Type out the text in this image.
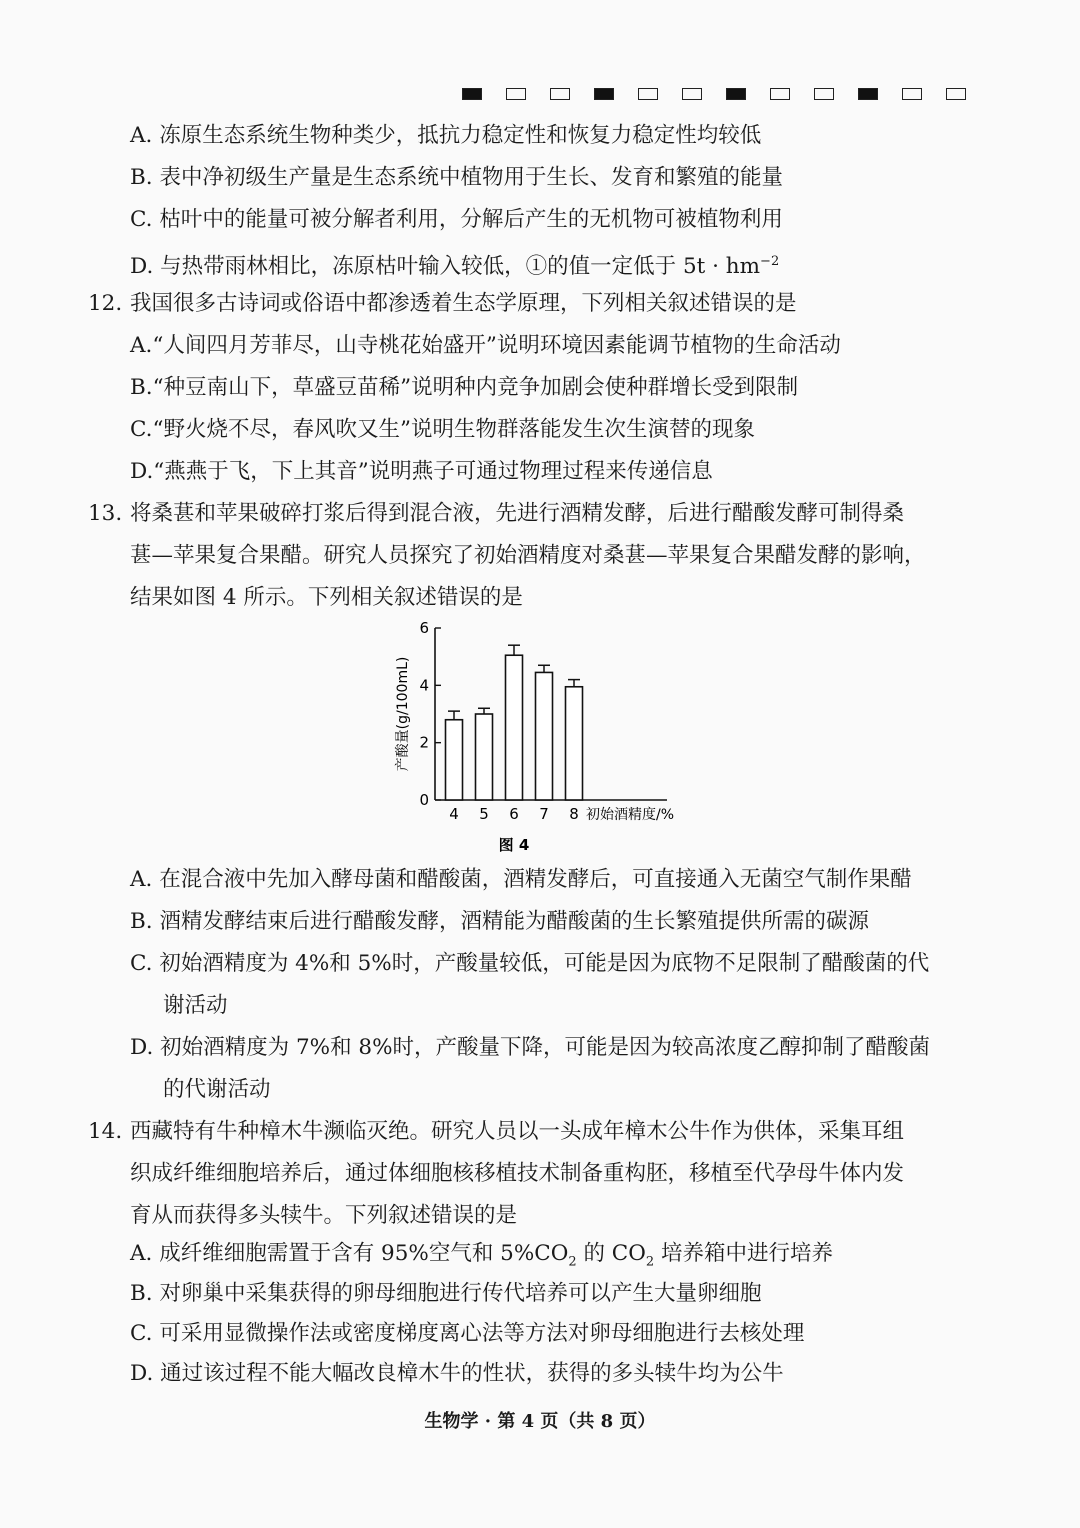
A. 冻原生态系统生物种类少，抵抗力稳定性和恢复力稳定性均较低
B. 表中净初级生产量是生态系统中植物用于生长、发育和繁殖的能量
C. 枯叶中的能量可被分解者利用，分解后产生的无机物可被植物利用
D. 与热带雨林相比，冻原枯叶输入较低，①的值一定低于 $5t \cdot hm^{-2}$
12. 我国很多古诗词或俗语中都渗透着生态学原理，下列相关叙述错误的是
A.“人间四月芳菲尽，山寺桃花始盛开”说明环境因素能调节植物的生命活动
B.“种豆南山下，草盛豆苗稀”说明种内竞争加剧会使种群增长受到限制
C.“野火烧不尽，春风吹又生”说明生物群落能发生次生演替的现象
D.“燕燕于飞，下上其音”说明燕子可通过物理过程来传递信息
13. 将桑葚和苹果破碎打浆后得到混合液，先进行酒精发酵，后进行醋酸发酵可制得桑
葚—苹果复合果醋。研究人员探究了初始酒精度对桑葚—苹果复合果醋发酵的影响，
结果如图 4 所示。下列相关叙述错误的是
0
2
4
6
4 5 6 7 8 初始酒精度/%
产酸量(g/100mL)
图 4
A. 在混合液中先加入酵母菌和醋酸菌，酒精发酵后，可直接通入无菌空气制作果醋
B. 酒精发酵结束后进行醋酸发酵，酒精能为醋酸菌的生长繁殖提供所需的碳源
C. 初始酒精度为 4%和 5%时，产酸量较低，可能是因为底物不足限制了醋酸菌的代
谢活动
D. 初始酒精度为 7%和 8%时，产酸量下降，可能是因为较高浓度乙醇抑制了醋酸菌
的代谢活动
14. 西藏特有牛种樟木牛濒临灭绝。研究人员以一头成年樟木公牛作为供体，采集耳组
织成纤维细胞培养后，通过体细胞核移植技术制备重构胚，移植至代孕母牛体内发
育从而获得多头犊牛。下列叙述错误的是
A. 成纤维细胞需置于含有 95%空气和 $5\%CO_2$ 的 $CO_2$ 培养箱中进行培养
B. 对卵巢中采集获得的卵母细胞进行传代培养可以产生大量卵细胞
C. 可采用显微操作法或密度梯度离心法等方法对卵母细胞进行去核处理
D. 通过该过程不能大幅改良樟木牛的性状，获得的多头犊牛均为公牛
生物学 · 第 4 页（共 8 页）
